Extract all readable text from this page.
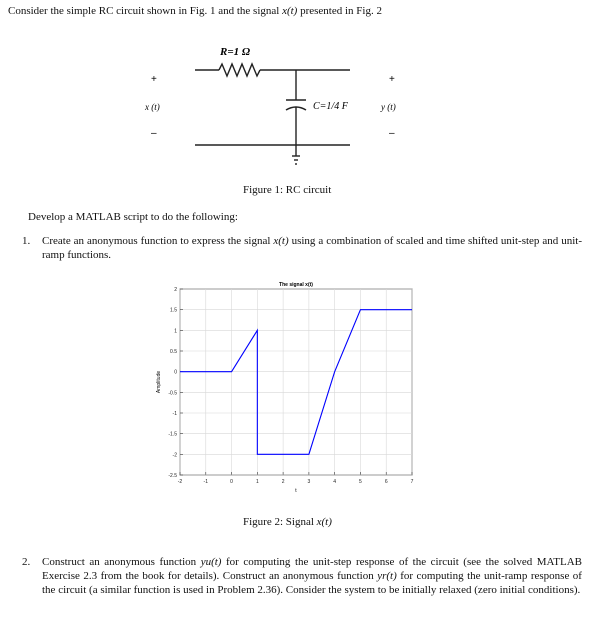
Consider the simple RC circuit shown in Fig. 1 and the signal x(t) presented in Fig. 2
R=1 Ω
C=1/4 F
x (t)	y (t)
+	+
–	–
-2	-1	0	1	2	3	4	5	6	7
-2.5
-2
-1.5
-1
-0.5
0
0.5
1
1.5
2
The signal x(t)
t
Amplitude
Figure 1: RC circuit
Develop a MATLAB script to do the following:
1. Create an anonymous function to express the signal x(t) using a combination of scaled and time shifted unit-step and unit-ramp functions.
Figure 2: Signal x(t)
2. Construct an anonymous function yu(t) for computing the unit-step response of the circuit (see the solved MATLAB Exercise 2.3 from the book for details). Construct an anonymous function yr(t) for computing the unit-ramp response of the circuit (a similar function is used in Problem 2.36). Consider the system to be initially relaxed (zero initial conditions).
